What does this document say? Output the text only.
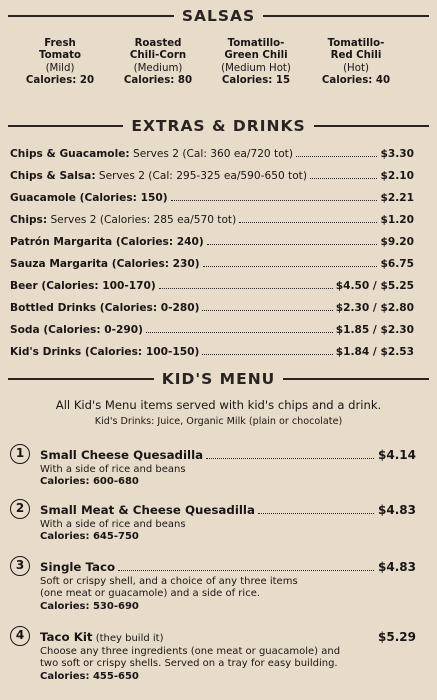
SALSAS
Fresh
Tomato
(Mild)
Calories: 20
Roasted
Chili-Corn
(Medium)
Calories: 80
Tomatillo-
Green Chili
(Medium Hot)
Calories: 15
Tomatillo-
Red Chili
(Hot)
Calories: 40
EXTRAS & DRINKS
Chips & Guacamole: Serves 2 (Cal: 360 ea/720 tot)	$3.30
Chips & Salsa: Serves 2 (Cal: 295-325 ea/590-650 tot)	$2.10
Guacamole (Calories: 150)	$2.21
Chips: Serves 2 (Calories: 285 ea/570 tot)	$1.20
Patrón Margarita (Calories: 240)	$9.20
Sauza Margarita (Calories: 230)	$6.75
Beer (Calories: 100-170)	$4.50 / $5.25
Bottled Drinks (Calories: 0-280)	$2.30 / $2.80
Soda (Calories: 0-290)	$1.85 / $2.30
Kid's Drinks (Calories: 100-150)	$1.84 / $2.53
KID'S MENU
All Kid's Menu items served with kid's chips and a drink.
Kid's Drinks: Juice, Organic Milk (plain or chocolate)
1	Small Cheese Quesadilla	$4.14
With a side of rice and beans
Calories: 600-680
2	Small Meat & Cheese Quesadilla	$4.83
With a side of rice and beans
Calories: 645-750
3	Single Taco	$4.83
Soft or crispy shell, and a choice of any three items
(one meat or guacamole) and a side of rice.
Calories: 530-690
4	Taco Kit (they build it)	$5.29
Choose any three ingredients (one meat or guacamole) and
two soft or crispy shells. Served on a tray for easy building.
Calories: 455-650
